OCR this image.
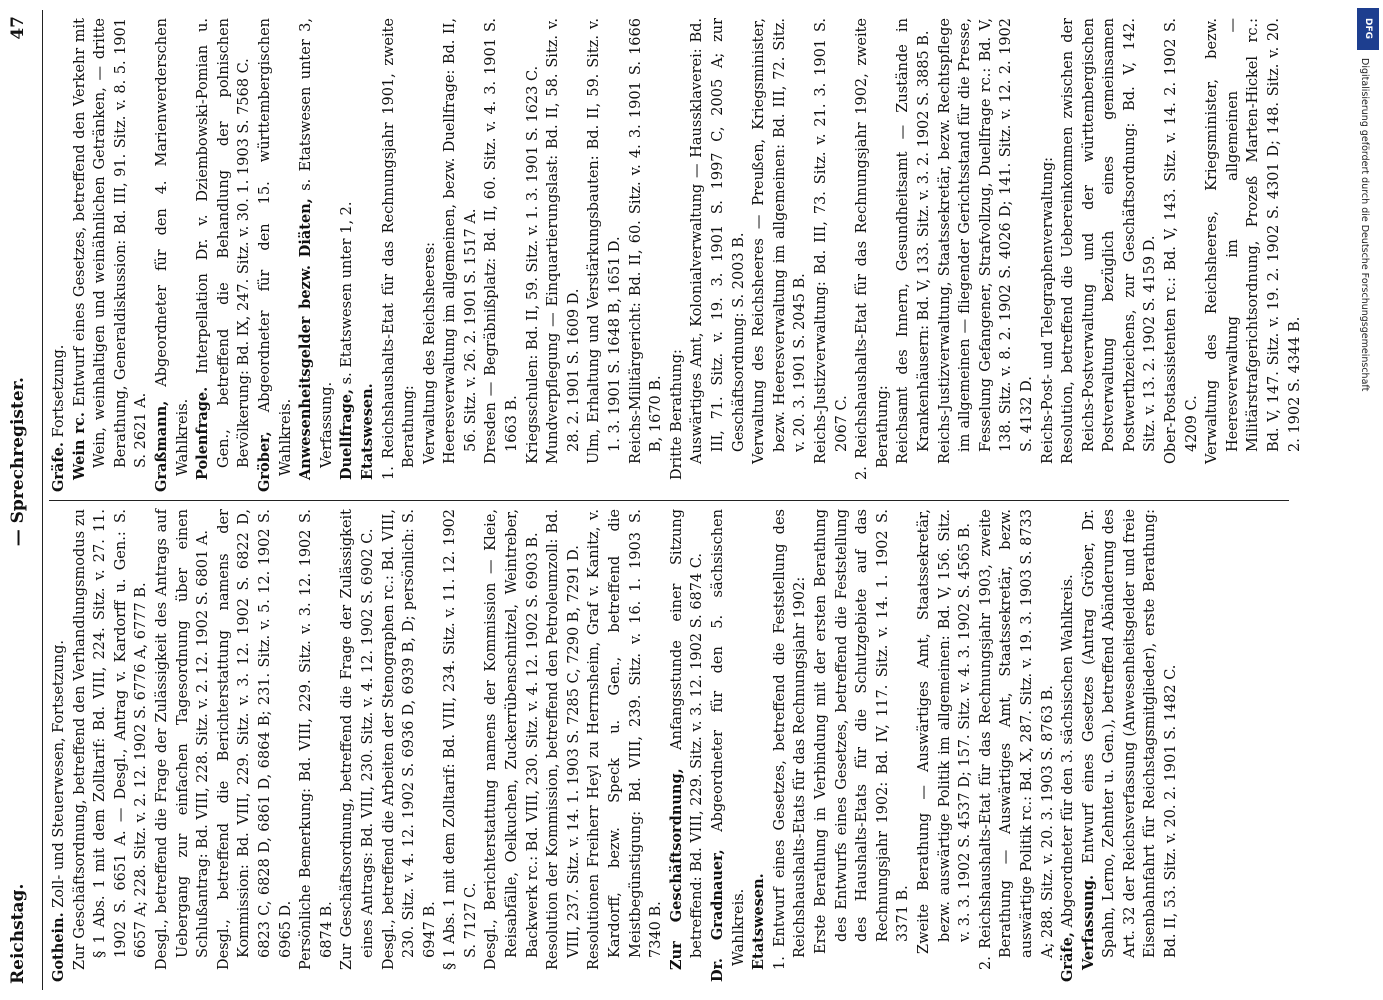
Reichstag.
— Sprechregister.
47

Gothein. Zoll- und Steuerwesen, Fortsetzung. Zur Geschäftsordnung, betreffend den Verhandlungsmodus zu § 1 Abs. 1 mit dem Zolltarif: Bd. VIII, 224. Sitz. v. 27. 11. 1902 S. 6651 A. — Desgl., Antrag v. Kardorff u. Gen.: S. 6657 A; 228. Sitz. v. 2. 12. 1902 S. 6776 A, 6777 B. Desgl., betreffend die Frage der Zulässigkeit des Antrags auf Uebergang zur einfachen Tagesordnung über einen Schlußantrag: Bd. VIII, 228. Sitz. v. 2. 12. 1902 S. 6801 A. Desgl., betreffend die Berichterstattung namens der Kommission: Bd. VIII, 229. Sitz. v. 3. 12. 1902 S. 6822 D, 6823 C, 6828 D, 6861 D, 6864 B; 231. Sitz. v. 5. 12. 1902 S. 6965 D. Persönliche Bemerkung: Bd. VIII, 229. Sitz. v. 3. 12. 1902 S. 6874 B. Zur Geschäftsordnung, betreffend die Frage der Zulässigkeit eines Antrags: Bd. VIII, 230. Sitz. v. 4. 12. 1902 S. 6902 C. Desgl., betreffend die Arbeiten der Stenographen rc.: Bd. VIII, 230. Sitz. v. 4. 12. 1902 S. 6936 D, 6939 B, D; persönlich: S. 6947 B. § 1 Abs. 1 mit dem Zolltarif: Bd. VIII, 234. Sitz. v. 11. 12. 1902 S. 7127 C. Desgl., Berichterstattung namens der Kommission — Kleie, Reisabfälle, Oelkuchen, Zuckerrübenschnitzel, Weintreber, Backwerk rc.: Bd. VIII, 230. Sitz. v. 4. 12. 1902 S. 6903 B. Resolution der Kommission, betreffend den Petroleumzoll: Bd. VIII, 237. Sitz. v. 14. 1. 1903 S. 7285 C, 7290 B, 7291 D. Resolutionen Freiherr Heyl zu Herrnsheim, Graf v. Kanitz, v. Kardorff, bezw. Speck u. Gen., betreffend die Meistbegünstigung: Bd. VIII, 239. Sitz. v. 16. 1. 1903 S. 7340 B. Zur Geschäftsordnung, Anfangsstunde einer Sitzung betreffend: Bd. VIII, 229. Sitz. v. 3. 12. 1902 S. 6874 C. Dr. Gradnauer, Abgeordneter für den 5. sächsischen Wahlkreis. Etatswesen. 1. Entwurf eines Gesetzes, betreffend die Feststellung des Reichshaushalts-Etats für das Rechnungsjahr 1902: Erste Berathung in Verbindung mit der ersten Berathung des Entwurfs eines Gesetzes, betreffend die Feststellung des Haushalts-Etats für die Schutzgebiete auf das Rechnungsjahr 1902: Bd. IV, 117. Sitz. v. 14. 1. 1902 S. 3371 B. Zweite Berathung — Auswärtiges Amt, Staatssekretär, bezw. auswärtige Politik im allgemeinen: Bd. V, 156. Sitz. v. 3. 3. 1902 S. 4537 D; 157. Sitz. v. 4. 3. 1902 S. 4565 B. 2. Reichshaushalts-Etat für das Rechnungsjahr 1903, zweite Berathung — Auswärtiges Amt, Staatssekretär, bezw. auswärtige Politik rc.: Bd. X, 287. Sitz. v. 19. 3. 1903 S. 8733 A; 288. Sitz. v. 20. 3. 1903 S. 8763 B. Gräfe, Abgeordneter für den 3. sächsischen Wahlkreis. Verfassung. Entwurf eines Gesetzes (Antrag Gröber, Dr. Spahn, Lerno, Zehnter u. Gen.), betreffend Abänderung des Art. 32 der Reichsverfassung (Anwesenheitsgelder und freie Eisenbahnfahrt für Reichstagsmitglieder), erste Berathung: Bd. II, 53. Sitz. v. 20. 2. 1901 S. 1482 C.

Gräfe. Fortsetzung.

Wein rc. Entwurf eines Gesetzes, betreffend den Verkehr mit Wein, weinhaltigen und weinähnlichen Getränken, — dritte Berathung, Generaldiskussion: Bd. III, 91. Sitz. v. 8. 5. 1901 S. 2621 A. Graßmann, Abgeordneter für den 4. Marienwerderschen Wahlkreis. Polenfrage. Interpellation Dr. v. Dziembowski-Pomian u. Gen., betreffend die Behandlung der polnischen Bevölkerung: Bd. IX, 247. Sitz. v. 30. 1. 1903 S. 7568 C. Gröber, Abgeordneter für den 15. württembergischen Wahlkreis. Anwesenheitsgelder bezw. Diäten, s. Etatswesen unter 3, Verfassung. Duellfrage, s. Etatswesen unter 1, 2.

Etatswesen. 1. Reichshaushalts-Etat für das Rechnungsjahr 1901, zweite Berathung: Verwaltung des Reichsheeres: Heeresverwaltung im allgemeinen, bezw. Duellfrage: Bd. II, 56. Sitz. v. 26. 2. 1901 S. 1517 A. Dresden — Begräbnißplatz: Bd. II, 60. Sitz. v. 4. 3. 1901 S. 1663 B. Kriegsschulen: Bd. II, 59. Sitz. v. 1. 3. 1901 S. 1623 C. Mundverpflegung — Einquartierungslast: Bd. II, 58. Sitz. v. 28. 2. 1901 S. 1609 D. Ulm, Erhaltung und Verstärkungsbauten: Bd. II, 59. Sitz. v. 1. 3. 1901 S. 1648 B, 1651 D. Reichs-Militärgericht: Bd. II, 60. Sitz. v. 4. 3. 1901 S. 1666 B, 1670 B. Dritte Berathung: Auswärtiges Amt, Kolonialverwaltung — Haussklaverei: Bd. III, 71. Sitz. v. 19. 3. 1901 S. 1997 C, 2005 A; zur Geschäftsordnung: S. 2003 B. Verwaltung des Reichsheeres — Preußen, Kriegsminister, bezw. Heeresverwaltung im allgemeinen: Bd. III, 72. Sitz. v. 20. 3. 1901 S. 2045 B. Reichs-Justizverwaltung: Bd. III, 73. Sitz. v. 21. 3. 1901 S. 2067 C. 2. Reichshaushalts-Etat für das Rechnungsjahr 1902, zweite Berathung: Reichsamt des Innern, Gesundheitsamt — Zustände in Krankenhäusern: Bd. V, 133. Sitz. v. 3. 2. 1902 S. 3885 B. Reichs-Justizverwaltung, Staatssekretär, bezw. Rechtspflege im allgemeinen — fliegender Gerichtsstand für die Presse, Fesselung Gefangener, Strafvollzug, Duellfrage rc.: Bd. V, 138. Sitz. v. 8. 2. 1902 S. 4026 D; 141. Sitz. v. 12. 2. 1902 S. 4132 D. Reichs-Post- und Telegraphenverwaltung: Resolution, betreffend die Uebereinkommen zwischen der Reichs-Postverwaltung und der württembergischen Postverwaltung bezüglich eines gemeinsamen Postwerthzeichens, zur Geschäftsordnung: Bd. V, 142. Sitz. v. 13. 2. 1902 S. 4159 D. Ober-Postassistenten rc.: Bd. V, 143. Sitz. v. 14. 2. 1902 S. 4209 C. Verwaltung des Reichsheeres, Kriegsminister, bezw. Heeresverwaltung im allgemeinen — Militärstrafgerichtsordnung, Prozeß Marten-Hickel rc.: Bd. V, 147. Sitz. v. 19. 2. 1902 S. 4301 D; 148. Sitz. v. 20. 2. 1902 S. 4344 B.

DFG
Digitalisierung gefördert durch die Deutsche Forschungsgemeinschaft
